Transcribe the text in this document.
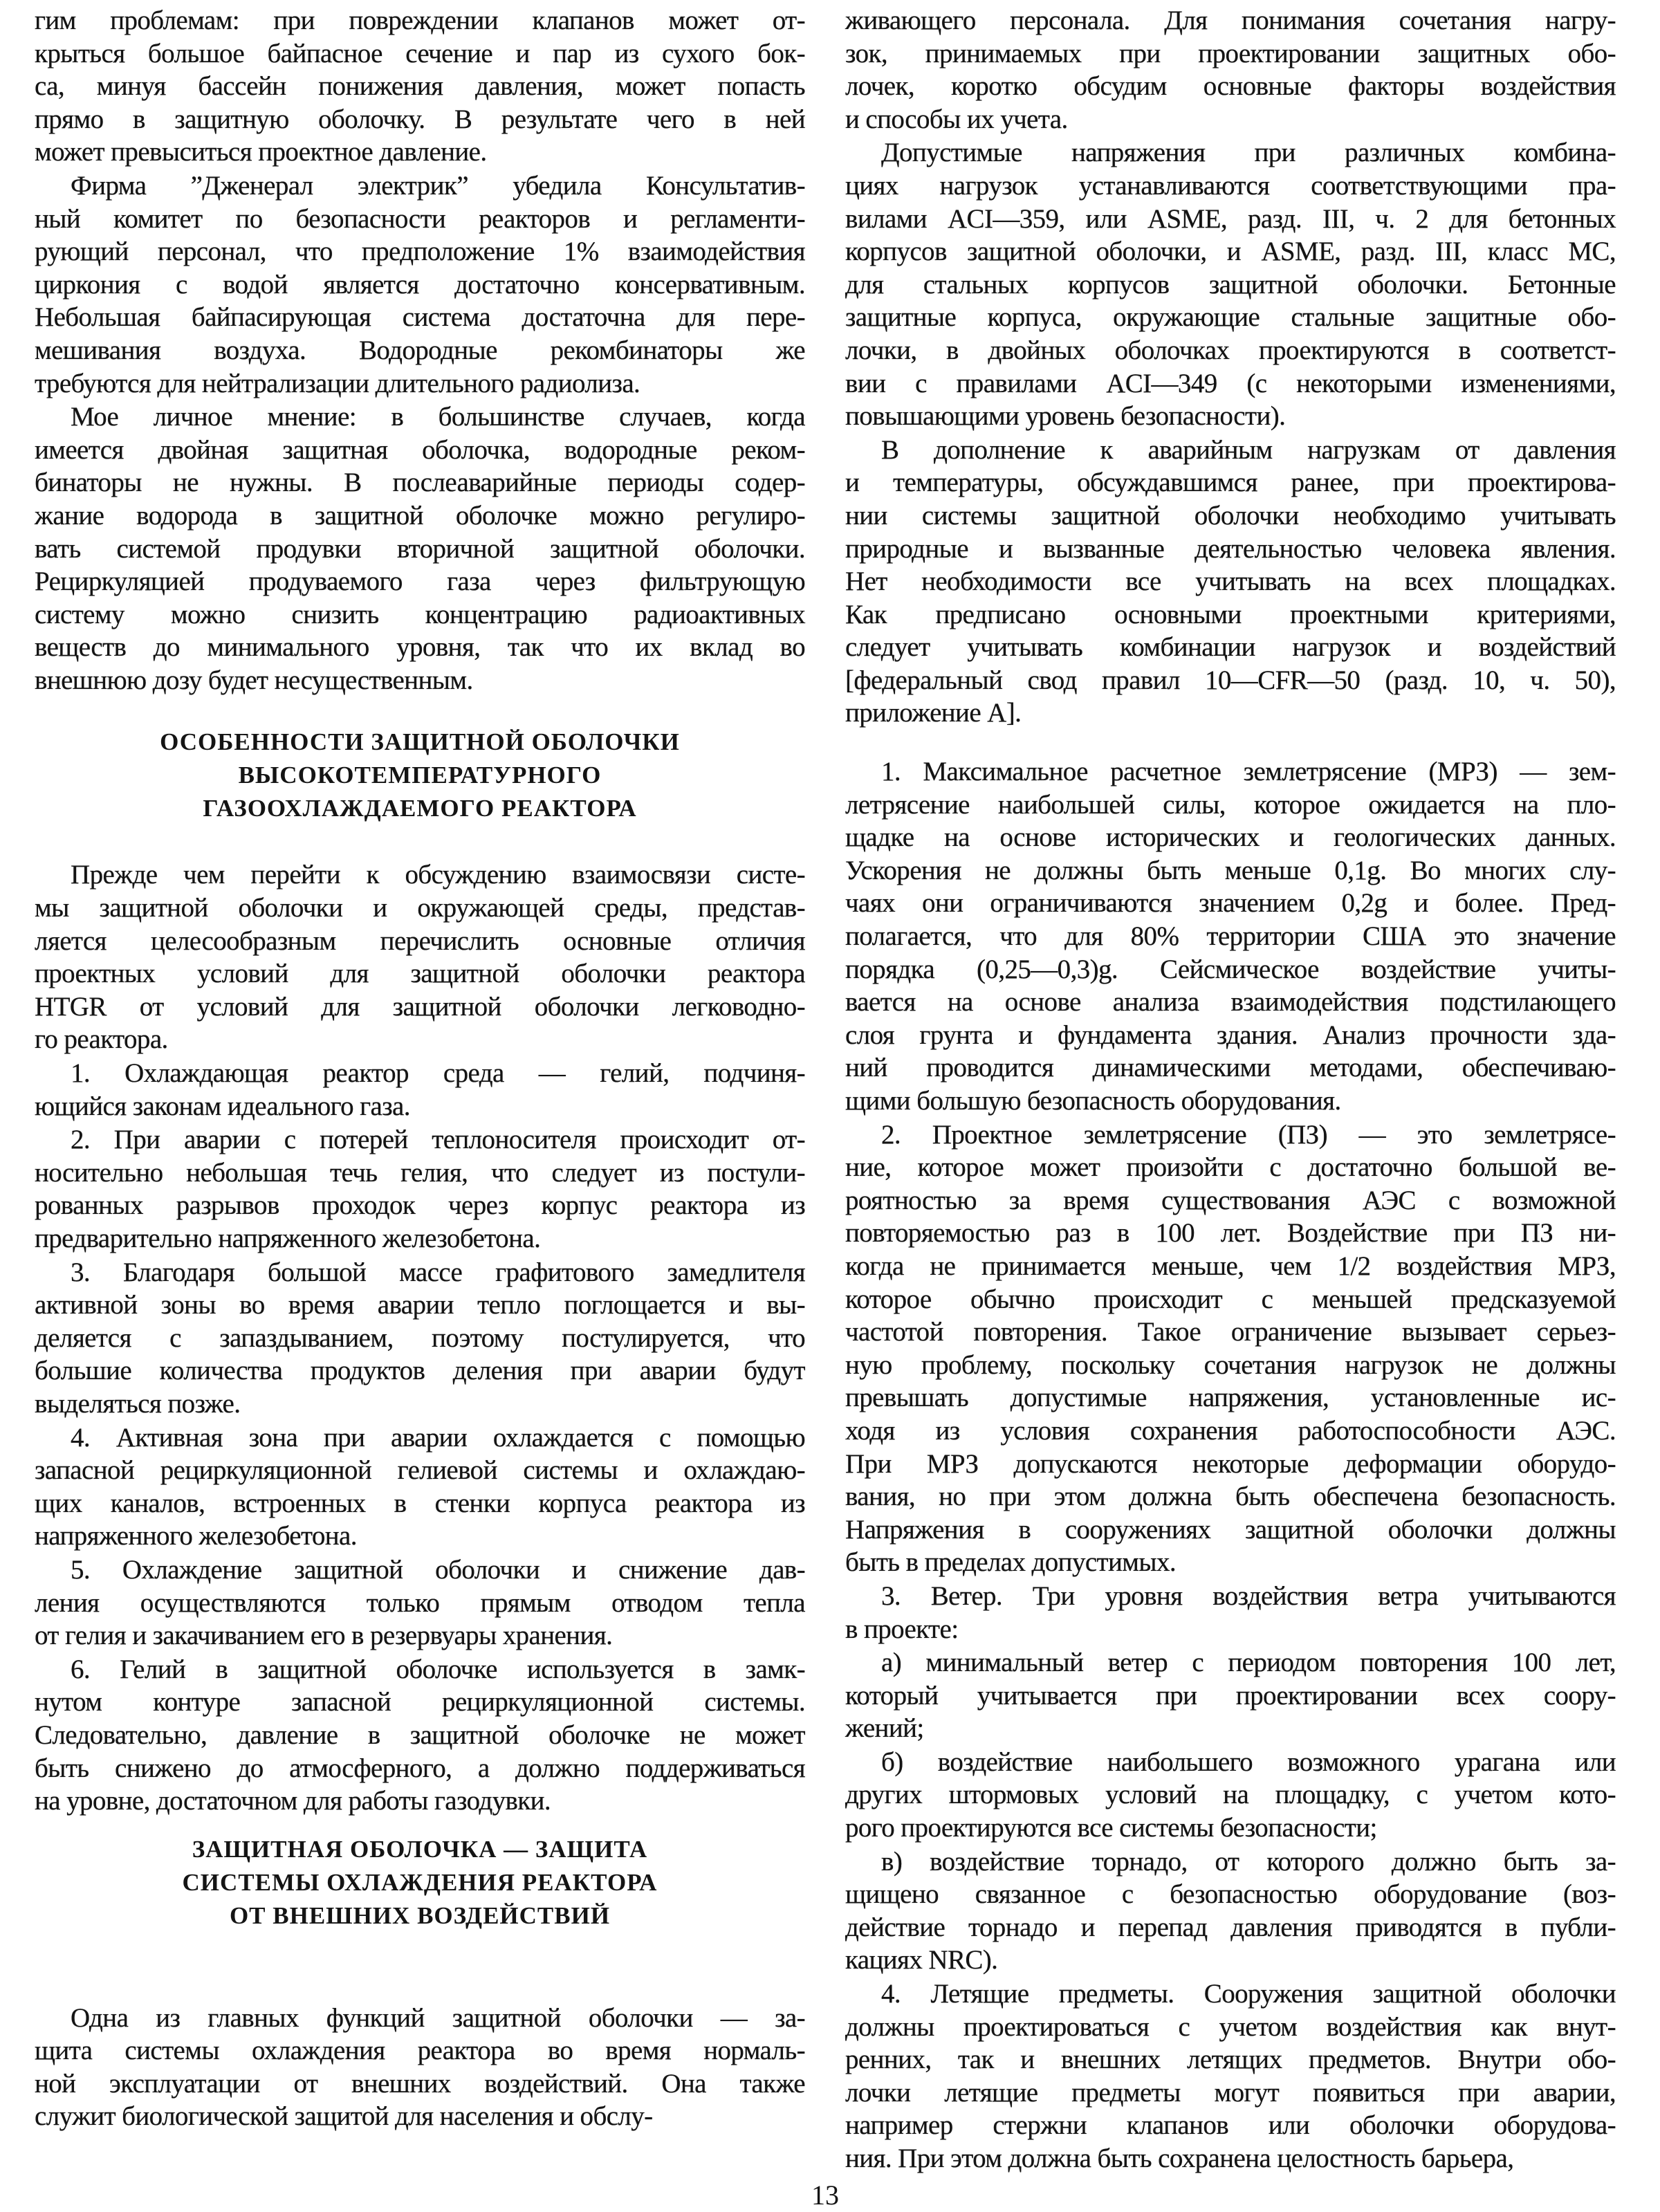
гим проблемам: при повреждении клапанов может от-
крыться большое байпасное сечение и пар из сухого бок-
са, минуя бассейн понижения давления, может попасть
прямо в защитную оболочку. В результате чего в ней
может превыситься проектное давление.
Фирма ”Дженерал электрик” убедила Консультатив-
ный комитет по безопасности реакторов и регламенти-
рующий персонал, что предположение 1% взаимодействия
циркония с водой является достаточно консервативным.
Небольшая байпасирующая система достаточна для пере-
мешивания воздуха. Водородные рекомбинаторы же
требуются для нейтрализации длительного радиолиза.
Мое личное мнение: в большинстве случаев, когда
имеется двойная защитная оболочка, водородные реком-
бинаторы не нужны. В послеаварийные периоды содер-
жание водорода в защитной оболочке можно регулиро-
вать системой продувки вторичной защитной оболочки.
Рециркуляцией продуваемого газа через фильтрующую
систему можно снизить концентрацию радиоактивных
веществ до минимального уровня, так что их вклад во
внешнюю дозу будет несущественным.
ОСОБЕННОСТИ ЗАЩИТНОЙ ОБОЛОЧКИ
ВЫСОКОТЕМПЕРАТУРНОГО
ГАЗООХЛАЖДАЕМОГО РЕАКТОРА
Прежде чем перейти к обсуждению взаимосвязи систе-
мы защитной оболочки и окружающей среды, представ-
ляется целесообразным перечислить основные отличия
проектных условий для защитной оболочки реактора
HTGR от условий для защитной оболочки легководно-
го реактора.
1. Охлаждающая реактор среда — гелий, подчиня-
ющийся законам идеального газа.
2. При аварии с потерей теплоносителя происходит от-
носительно небольшая течь гелия, что следует из постули-
рованных разрывов проходок через корпус реактора из
предварительно напряженного железобетона.
3. Благодаря большой массе графитового замедлителя
активной зоны во время аварии тепло поглощается и вы-
деляется с запаздыванием, поэтому постулируется, что
большие количества продуктов деления при аварии будут
выделяться позже.
4. Активная зона при аварии охлаждается с помощью
запасной рециркуляционной гелиевой системы и охлаждаю-
щих каналов, встроенных в стенки корпуса реактора из
напряженного железобетона.
5. Охлаждение защитной оболочки и снижение дав-
ления осуществляются только прямым отводом тепла
от гелия и закачиванием его в резервуары хранения.
6. Гелий в защитной оболочке используется в замк-
нутом контуре запасной рециркуляционной системы.
Следовательно, давление в защитной оболочке не может
быть снижено до атмосферного, а должно поддерживаться
на уровне, достаточном для работы газодувки.
ЗАЩИТНАЯ ОБОЛОЧКА — ЗАЩИТА
СИСТЕМЫ ОХЛАЖДЕНИЯ РЕАКТОРА
ОТ ВНЕШНИХ ВОЗДЕЙСТВИЙ
Одна из главных функций защитной оболочки — за-
щита системы охлаждения реактора во время нормаль-
ной эксплуатации от внешних воздействий. Она также
служит биологической защитой для населения и обслу-
живающего персонала. Для понимания сочетания нагру-
зок, принимаемых при проектировании защитных обо-
лочек, коротко обсудим основные факторы воздействия
и способы их учета.
Допустимые напряжения при различных комбина-
циях нагрузок устанавливаются соответствующими пра-
вилами ACI—359, или ASME, разд. III, ч. 2 для бетонных
корпусов защитной оболочки, и ASME, разд. III, класс МС,
для стальных корпусов защитной оболочки. Бетонные
защитные корпуса, окружающие стальные защитные обо-
лочки, в двойных оболочках проектируются в соответст-
вии с правилами ACI—349 (с некоторыми изменениями,
повышающими уровень безопасности).
В дополнение к аварийным нагрузкам от давления
и температуры, обсуждавшимся ранее, при проектирова-
нии системы защитной оболочки необходимо учитывать
природные и вызванные деятельностью человека явления.
Нет необходимости все учитывать на всех площадках.
Как предписано основными проектными критериями,
следует учитывать комбинации нагрузок и воздействий
[федеральный свод правил 10—CFR—50 (разд. 10, ч. 50),
приложение А].
1. Максимальное расчетное землетрясение (МРЗ) — зем-
летрясение наибольшей силы, которое ожидается на пло-
щадке на основе исторических и геологических данных.
Ускорения не должны быть меньше 0,1g. Во многих слу-
чаях они ограничиваются значением 0,2g и более. Пред-
полагается, что для 80% территории США это значение
порядка (0,25—0,3)g. Сейсмическое воздействие учиты-
вается на основе анализа взаимодействия подстилающего
слоя грунта и фундамента здания. Анализ прочности зда-
ний проводится динамическими методами, обеспечиваю-
щими большую безопасность оборудования.
2. Проектное землетрясение (ПЗ) — это землетрясе-
ние, которое может произойти с достаточно большой ве-
роятностью за время существования АЭС с возможной
повторяемостью раз в 100 лет. Воздействие при ПЗ ни-
когда не принимается меньше, чем 1/2 воздействия МРЗ,
которое обычно происходит с меньшей предсказуемой
частотой повторения. Такое ограничение вызывает серьез-
ную проблему, поскольку сочетания нагрузок не должны
превышать допустимые напряжения, установленные ис-
ходя из условия сохранения работоспособности АЭС.
При МРЗ допускаются некоторые деформации оборудо-
вания, но при этом должна быть обеспечена безопасность.
Напряжения в сооружениях защитной оболочки должны
быть в пределах допустимых.
3. Ветер. Три уровня воздействия ветра учитываются
в проекте:
а) минимальный ветер с периодом повторения 100 лет,
который учитывается при проектировании всех соору-
жений;
б) воздействие наибольшего возможного урагана или
других штормовых условий на площадку, с учетом кото-
рого проектируются все системы безопасности;
в) воздействие торнадо, от которого должно быть за-
щищено связанное с безопасностью оборудование (воз-
действие торнадо и перепад давления приводятся в публи-
кациях NRC).
4. Летящие предметы. Сооружения защитной оболочки
должны проектироваться с учетом воздействия как внут-
ренних, так и внешних летящих предметов. Внутри обо-
лочки летящие предметы могут появиться при аварии,
например стержни клапанов или оболочки оборудова-
ния. При этом должна быть сохранена целостность барьера,
13
